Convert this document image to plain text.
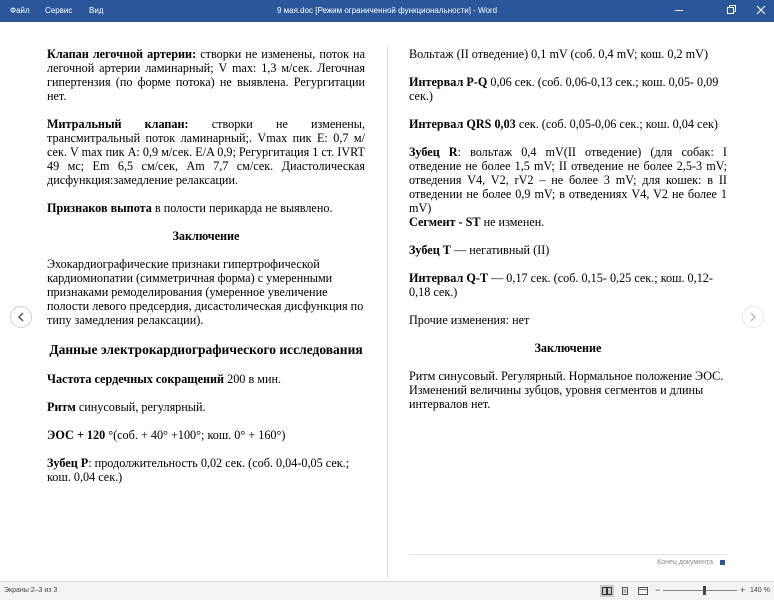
Файл Сервис Вид	9 мая.doc [Режим ограниченной функциональности] - Word

Клапан легочной артерии: створки не изменены, поток на легочной артерии ламинарный; V max: 1,3 м/сек. Легочная гипертензия (по форме потока) не выявлена. Регургитации нет.

Митральный клапан: створки не изменены, трансмитральный поток ламинарный;. Vmax пик E: 0,7 м/сек. V max пик A: 0,9 м/сек. E/A 0,9; Регургитация 1 ст. IVRT 49 мс; Em 6,5 см/сек, Am 7,7 см/сек. Диастолическая дисфункция:замедление релаксации.

Признаков выпота в полости перикарда не выявлено.

Заключение

Эхокардиографические признаки гипертрофической кардиомиопатии (симметричная форма) с умеренными признаками ремоделирования (умеренное увеличение полости левого предсердия, дисастолическая дисфункция по типу замедления релаксации).

Данные электрокардиографического исследования

Частота сердечных сокращений 200 в мин.

Ритм синусовый, регулярный.

ЭОС + 120 °(соб. + 40° +100°; кош. 0° + 160°)

Зубец Р: продолжительность 0,02 сек. (соб. 0,04-0,05 сек.; кош. 0,04 сек.)

Вольтаж (II отведение) 0,1 mV (соб. 0,4 mV; кош. 0,2 mV)

Интервал P-Q 0,06 сек. (соб. 0,06-0,13 сек.; кош. 0,05- 0,09 сек.)

Интервал QRS 0,03 сек. (соб. 0,05-0,06 сек.; кош. 0,04 сек)

Зубец R: вольтаж 0,4 mV(II отведение) (для собак: I отведение не более 1,5 mV; II отведение не более 2,5-3 mV; отведения V4, V2, rV2 – не более 3 mV; для кошек: в II отведении не более 0,9 mV; в отведениях V4, V2 не более 1 mV)

Сегмент - ST не изменен.

Зубец Т — негативный (II)

Интервал Q-T — 0,17 сек. (соб. 0,15- 0,25 сек.; кош. 0,12-0,18 сек.)

Прочие изменения: нет

Заключение

Ритм синусовый. Регулярный. Нормальное положение ЭОС. Изменений величины зубцов, уровня сегментов и длины интервалов нет.

Конец документа
Экраны 2–3 из 3	−	+ 140 %
